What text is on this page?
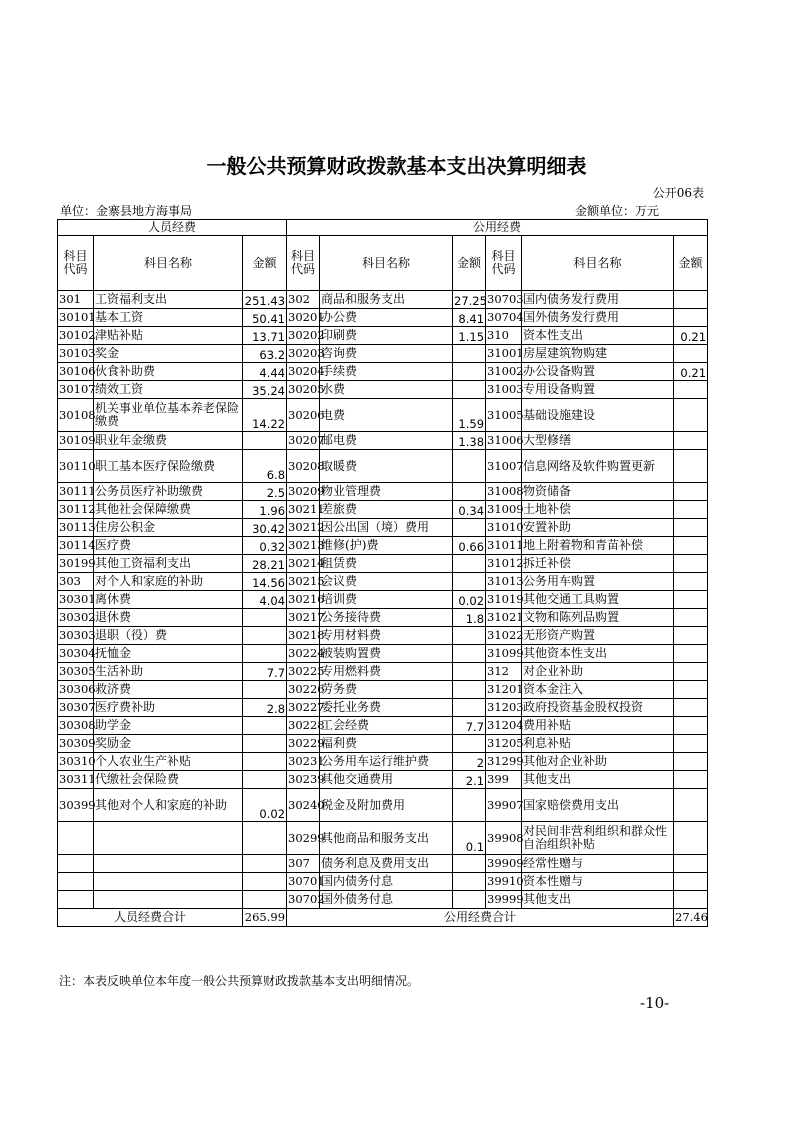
一般公共预算财政拨款基本支出决算明细表
公开06表
单位：金寨县地方海事局	金额单位：万元
人员经费			公用经费					
科目代码	科目名称	金额	科目代码	科目名称	金额	科目代码	科目名称	金额
301	工资福利支出	251.43	302	商品和服务支出	27.25	30703	国内债务发行费用	
30101	基本工资	50.41	30201	办公费	8.41	30704	国外债务发行费用	
30102	津贴补贴	13.71	30202	印刷费	1.15	310	资本性支出	0.21
30103	奖金	63.2	30203	咨询费		31001	房屋建筑物购建	
30106	伙食补助费	4.44	30204	手续费		31002	办公设备购置	0.21
30107	绩效工资	35.24	30205	水费		31003	专用设备购置	
30108	机关事业单位基本养老保险缴费	14.22	30206	电费	1.59	31005	基础设施建设	
30109	职业年金缴费		30207	邮电费	1.38	31006	大型修缮	
30110	职工基本医疗保险缴费	6.8	30208	取暖费		31007	信息网络及软件购置更新	
30111	公务员医疗补助缴费	2.5	30209	物业管理费		31008	物资储备	
30112	其他社会保障缴费	1.96	30211	差旅费	0.34	31009	土地补偿	
30113	住房公积金	30.42	30212	因公出国（境）费用		31010	安置补助	
30114	医疗费	0.32	30213	维修(护)费	0.66	31011	地上附着物和青苗补偿	
30199	其他工资福利支出	28.21	30214	租赁费		31012	拆迁补偿	
303	对个人和家庭的补助	14.56	30215	会议费		31013	公务用车购置	
30301	离休费	4.04	30216	培训费	0.02	31019	其他交通工具购置	
30302	退休费		30217	公务接待费	1.8	31021	文物和陈列品购置	
30303	退职（役）费		30218	专用材料费		31022	无形资产购置	
30304	抚恤金		30224	被装购置费		31099	其他资本性支出	
30305	生活补助	7.7	30225	专用燃料费		312	对企业补助	
30306	救济费		30226	劳务费		31201	资本金注入	
30307	医疗费补助	2.8	30227	委托业务费		31203	政府投资基金股权投资	
30308	助学金		30228	工会经费	7.7	31204	费用补贴	
30309	奖励金		30229	福利费		31205	利息补贴	
30310	个人农业生产补贴		30231	公务用车运行维护费	2	31299	其他对企业补助	
30311	代缴社会保险费		30239	其他交通费用	2.1	399	其他支出	
30399	其他对个人和家庭的补助	0.02	30240	税金及附加费用		39907	国家赔偿费用支出	
			30299	其他商品和服务支出	0.1	39908	对民间非营利组织和群众性自治组织补贴	
			307	债务利息及费用支出		39909	经常性赠与	
			30701	国内债务付息		39910	资本性赠与	
			30702	国外债务付息		39999	其他支出	
人员经费合计		265.99	公用经费合计					27.46
注：本表反映单位本年度一般公共预算财政拨款基本支出明细情况。
-10-
